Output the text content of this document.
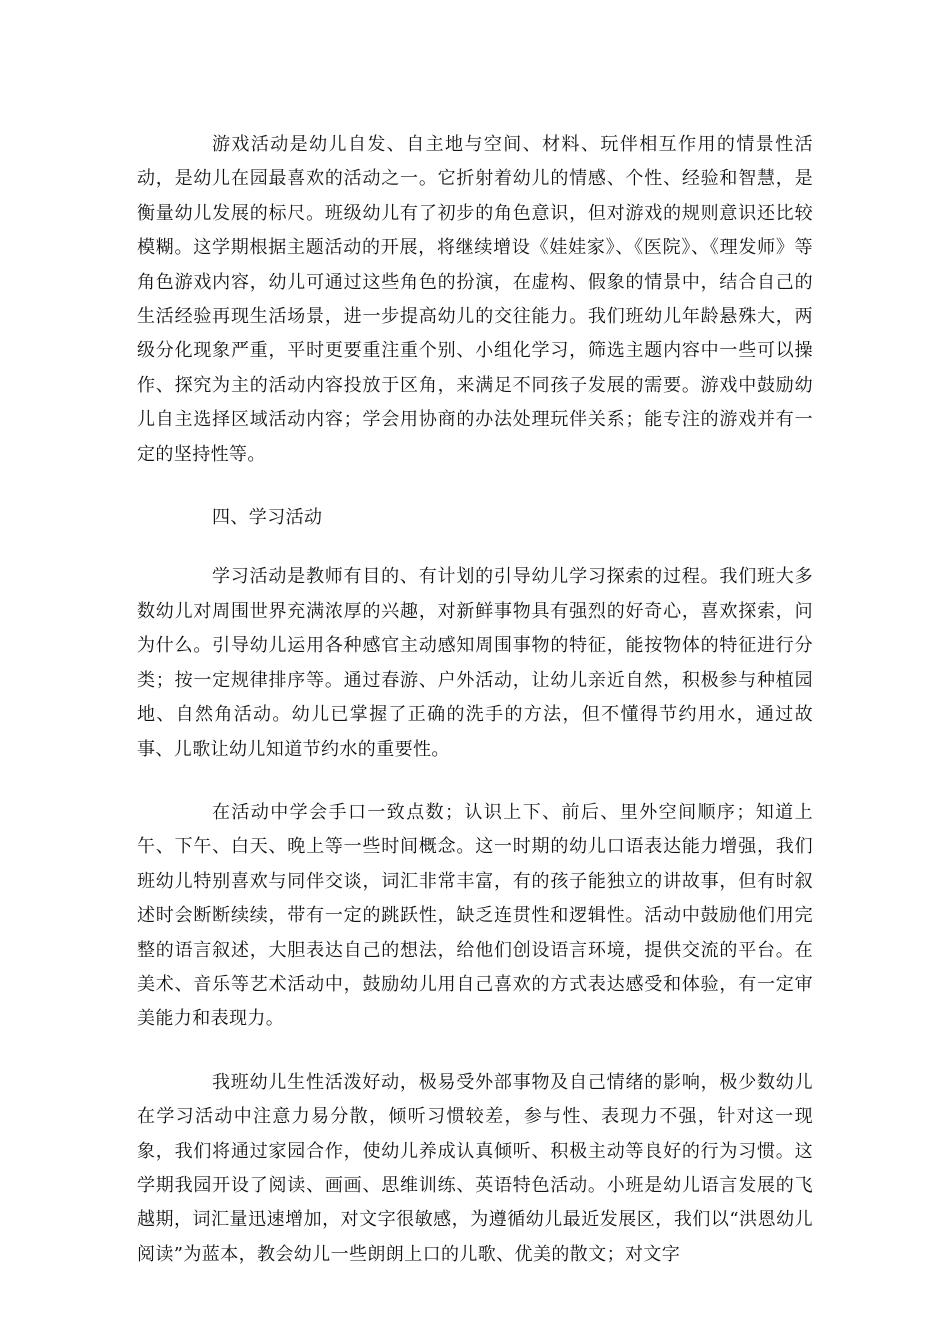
游戏活动是幼儿自发、自主地与空间、材料、玩伴相互作用的情景性活动，是幼儿在园最喜欢的活动之一。它折射着幼儿的情感、个性、经验和智慧，是衡量幼儿发展的标尺。班级幼儿有了初步的角色意识，但对游戏的规则意识还比较模糊。这学期根据主题活动的开展，将继续增设《娃娃家》、《医院》、《理发师》等角色游戏内容，幼儿可通过这些角色的扮演，在虚构、假象的情景中，结合自己的生活经验再现生活场景，进一步提高幼儿的交往能力。我们班幼儿年龄悬殊大，两级分化现象严重，平时更要重注重个别、小组化学习，筛选主题内容中一些可以操作、探究为主的活动内容投放于区角，来满足不同孩子发展的需要。游戏中鼓励幼儿自主选择区域活动内容；学会用协商的办法处理玩伴关系；能专注的游戏并有一定的坚持性等。

四、学习活动

学习活动是教师有目的、有计划的引导幼儿学习探索的过程。我们班大多数幼儿对周围世界充满浓厚的兴趣，对新鲜事物具有强烈的好奇心，喜欢探索，问为什么。引导幼儿运用各种感官主动感知周围事物的特征，能按物体的特征进行分类；按一定规律排序等。通过春游、户外活动，让幼儿亲近自然，积极参与种植园地、自然角活动。幼儿已掌握了正确的洗手的方法，但不懂得节约用水，通过故事、儿歌让幼儿知道节约水的重要性。

在活动中学会手口一致点数；认识上下、前后、里外空间顺序；知道上午、下午、白天、晚上等一些时间概念。这一时期的幼儿口语表达能力增强，我们班幼儿特别喜欢与同伴交谈，词汇非常丰富，有的孩子能独立的讲故事，但有时叙述时会断断续续，带有一定的跳跃性，缺乏连贯性和逻辑性。活动中鼓励他们用完整的语言叙述，大胆表达自己的想法，给他们创设语言环境，提供交流的平台。在美术、音乐等艺术活动中，鼓励幼儿用自己喜欢的方式表达感受和体验，有一定审美能力和表现力。

我班幼儿生性活泼好动，极易受外部事物及自己情绪的影响，极少数幼儿在学习活动中注意力易分散，倾听习惯较差，参与性、表现力不强，针对这一现象，我们将通过家园合作，使幼儿养成认真倾听、积极主动等良好的行为习惯。这学期我园开设了阅读、画画、思维训练、英语特色活动。小班是幼儿语言发展的飞越期，词汇量迅速增加，对文字很敏感，为遵循幼儿最近发展区，我们以“洪恩幼儿阅读”为蓝本，教会幼儿一些朗朗上口的儿歌、优美的散文；对文字
